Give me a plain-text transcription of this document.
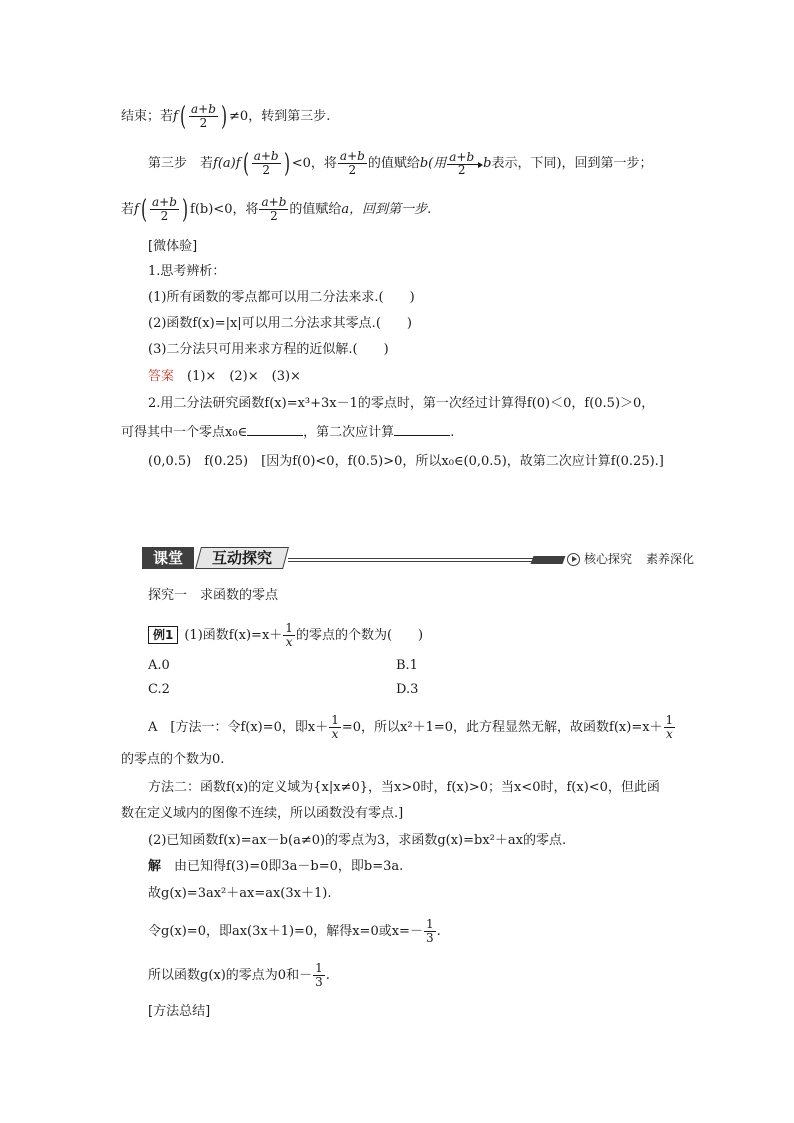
结束；若$f( \frac{a+b}{2}$ ) ≠0，转到第三步.
第三步　若$f(a)f( \frac{a+b}{2}$ ) <0，将 $\frac{a+b}{2}$ 的值赋给b(用 a+b
2	b表示，下同)，回到第一步；
若$f( \frac{a+b}{2}$ ) f(b)<0，将 $\frac{a+b}{2}$ 的值赋给a，回到第一步.
[微体验]
1.思考辨析：
(1)所有函数的零点都可以用二分法来求.(　　)
(2)函数f(x)=|x|可以用二分法求其零点.(　　)
(3)二分法只可用来求方程的近似解.(　　)
答案　(1)×　(2)×　(3)×
2.用二分法研究函数f(x)=x³+3x－1的零点时，第一次经过计算得f(0)＜0，f(0.5)＞0，
可得其中一个零点x₀∈	，第二次应计算	.
(0,0.5)　f(0.25)　[因为f(0)<0，f(0.5)>0，所以x₀∈(0,0.5)，故第二次应计算f(0.25).]
课堂	互动探究	核心探究 素养深化
探究一　求函数的零点
例1 (1)函数$f(x)=x+ \frac{1}{x}$ 的零点的个数为(　　)
A.0	B.1
C.2	D.3
A　[方法一：令f(x)=0，即$x+ \frac{1}{x} =0$，所以x²＋1=0，此方程显然无解，故函数$f(x)=x+ \frac{1}{x}$
的零点的个数为0.
方法二：函数f(x)的定义域为{x|x≠0}，当x>0时，f(x)>0；当x<0时，f(x)<0，但此函
数在定义域内的图像不连续，所以函数没有零点.]
(2)已知函数f(x)=ax－b(a≠0)的零点为3，求函数g(x)=bx²＋ax的零点.
解　由已知得f(3)=0即3a－b=0，即b=3a.
故g(x)=3ax²＋ax=ax(3x＋1).
令g(x)=0，即ax(3x＋1)=0，解得x=0或$x=- \frac{1}{3}$ .
所以函数g(x)的零点为0和－ $\frac{1}{3}$ .
[方法总结]
